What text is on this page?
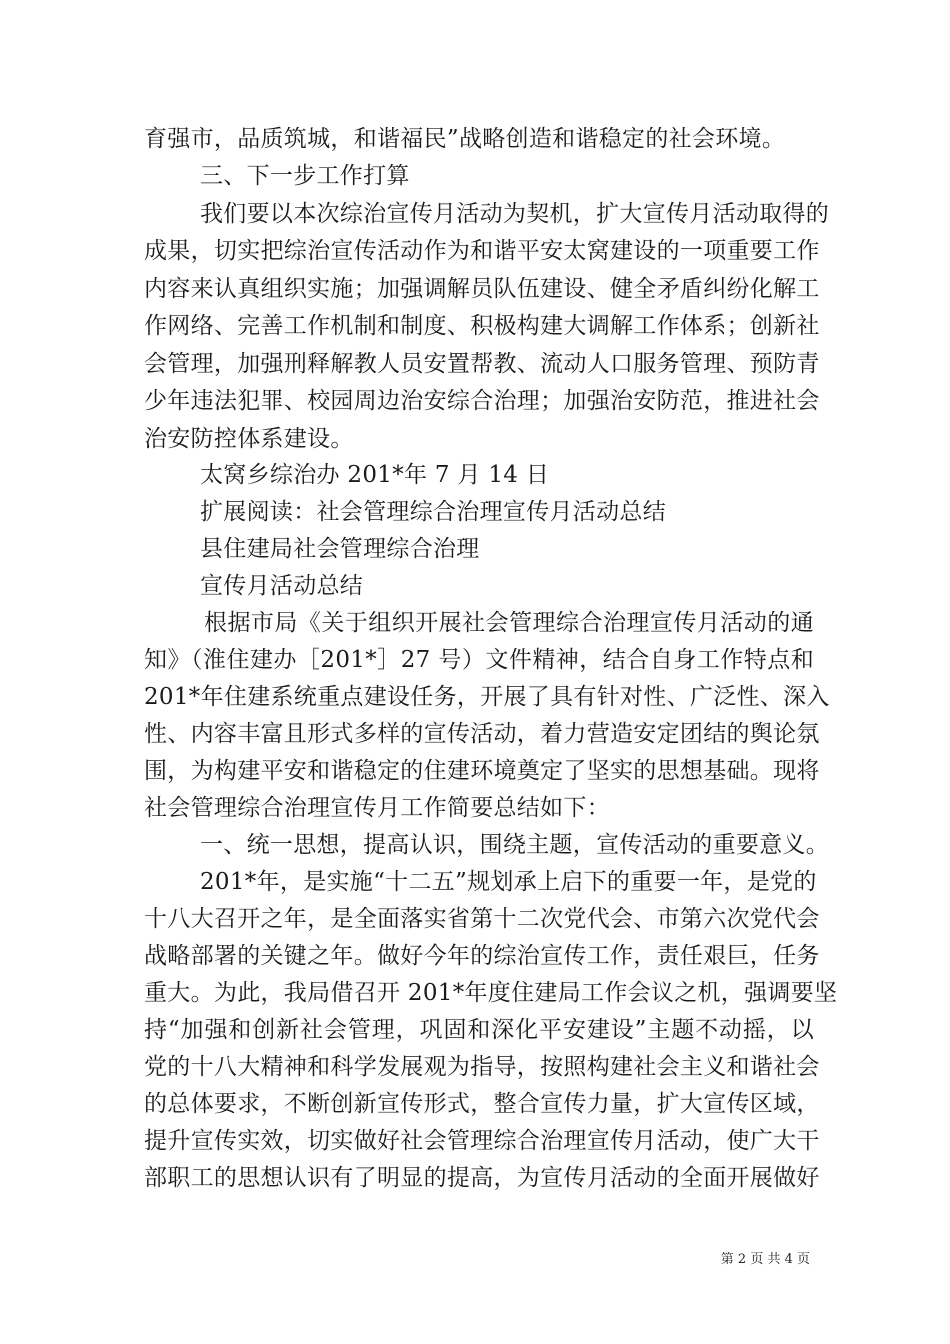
育强市，品质筑城，和谐福民”战略创造和谐稳定的社会环境。
三、下一步工作打算
我们要以本次综治宣传月活动为契机，扩大宣传月活动取得的
成果，切实把综治宣传活动作为和谐平安太窝建设的一项重要工作
内容来认真组织实施；加强调解员队伍建设、健全矛盾纠纷化解工
作网络、完善工作机制和制度、积极构建大调解工作体系；创新社
会管理，加强刑释解教人员安置帮教、流动人口服务管理、预防青
少年违法犯罪、校园周边治安综合治理；加强治安防范，推进社会
治安防控体系建设。
太窝乡综治办 201*年 7 月 14 日
扩展阅读：社会管理综合治理宣传月活动总结
县住建局社会管理综合治理
宣传月活动总结
根据市局《关于组织开展社会管理综合治理宣传月活动的通
知》（淮住建办［201*］27 号）文件精神，结合自身工作特点和
201*年住建系统重点建设任务，开展了具有针对性、广泛性、深入
性、内容丰富且形式多样的宣传活动，着力营造安定团结的舆论氛
围，为构建平安和谐稳定的住建环境奠定了坚实的思想基础。现将
社会管理综合治理宣传月工作简要总结如下：
一、统一思想，提高认识，围绕主题，宣传活动的重要意义。
201*年，是实施“十二五”规划承上启下的重要一年，是党的
十八大召开之年，是全面落实省第十二次党代会、市第六次党代会
战略部署的关键之年。做好今年的综治宣传工作，责任艰巨，任务
重大。为此，我局借召开 201*年度住建局工作会议之机，强调要坚
持“加强和创新社会管理，巩固和深化平安建设”主题不动摇，以
党的十八大精神和科学发展观为指导，按照构建社会主义和谐社会
的总体要求，不断创新宣传形式，整合宣传力量，扩大宣传区域，
提升宣传实效，切实做好社会管理综合治理宣传月活动，使广大干
部职工的思想认识有了明显的提高，为宣传月活动的全面开展做好
第 2 页 共 4 页
